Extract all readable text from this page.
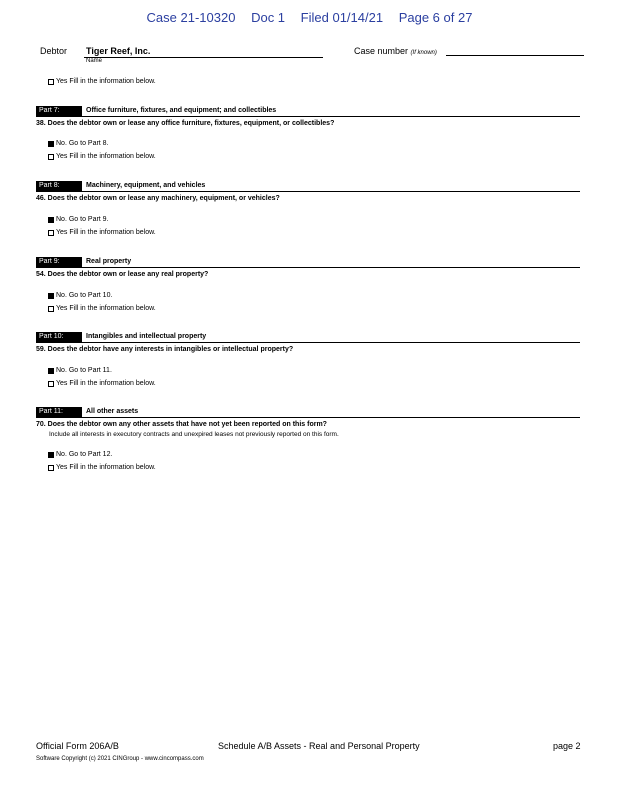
Case 21-10320 Doc 1 Filed 01/14/21 Page 6 of 27
Debtor Tiger Reef, Inc.
Name
Case number (If known)
Yes Fill in the information below.
Part 7:	Office furniture, fixtures, and equipment; and collectibles
38. Does the debtor own or lease any office furniture, fixtures, equipment, or collectibles?
No. Go to Part 8.
Yes Fill in the information below.
Part 8:	Machinery, equipment, and vehicles
46. Does the debtor own or lease any machinery, equipment, or vehicles?
No. Go to Part 9.
Yes Fill in the information below.
Part 9:	Real property
54. Does the debtor own or lease any real property?
No. Go to Part 10.
Yes Fill in the information below.
Part 10:	Intangibles and intellectual property
59. Does the debtor have any interests in intangibles or intellectual property?
No. Go to Part 11.
Yes Fill in the information below.
Part 11:	All other assets
70. Does the debtor own any other assets that have not yet been reported on this form?
Include all interests in executory contracts and unexpired leases not previously reported on this form.
No. Go to Part 12.
Yes Fill in the information below.
Official Form 206A/B	Schedule A/B Assets - Real and Personal Property	page 2
Software Copyright (c) 2021 CINGroup - www.cincompass.com
